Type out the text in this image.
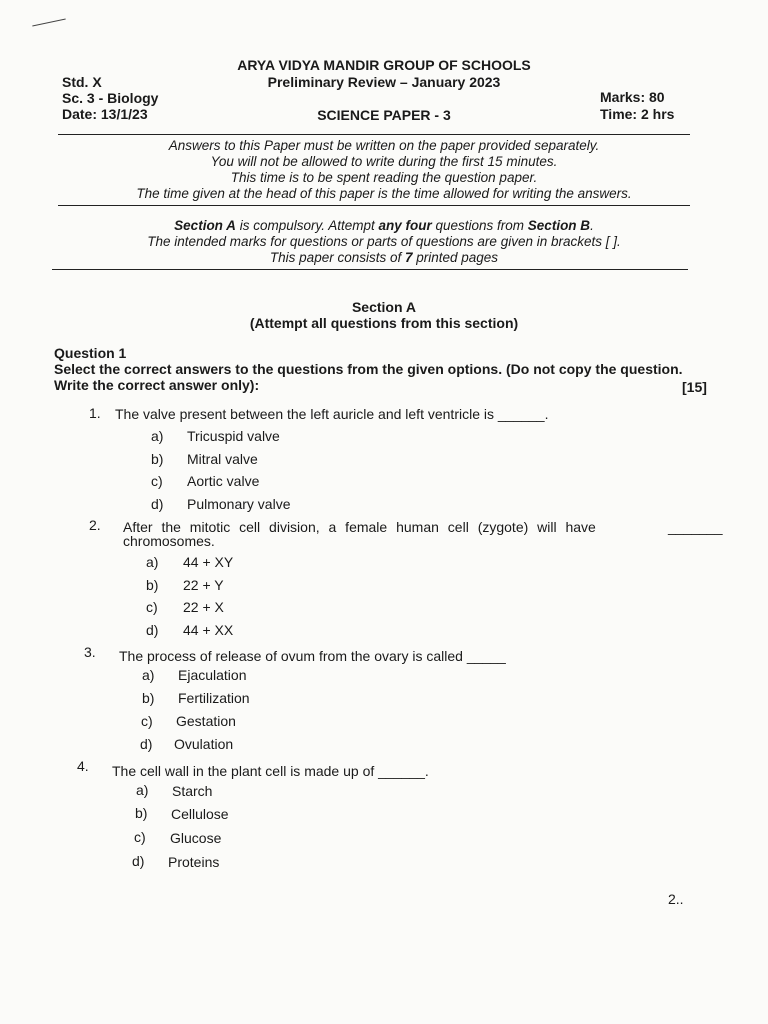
ARYA VIDYA MANDIR GROUP OF SCHOOLS
Preliminary Review – January 2023
Std. X
Sc. 3 - Biology
Date: 13/1/23	SCIENCE PAPER - 3
Marks: 80
Time: 2 hrs
Answers to this Paper must be written on the paper provided separately.
You will not be allowed to write during the first 15 minutes.
This time is to be spent reading the question paper.
The time given at the head of this paper is the time allowed for writing the answers.
Section A is compulsory. Attempt any four questions from Section B.
The intended marks for questions or parts of questions are given in brackets [ ].
This paper consists of 7 printed pages
Section A
(Attempt all questions from this section)
Question 1
Select the correct answers to the questions from the given options. (Do not copy the question.
Write the correct answer only):	[15]
1. The valve present between the left auricle and left ventricle is ______.
a) Tricuspid valve
b) Mitral valve
c) Aortic valve
d) Pulmonary valve
2. After the mitotic cell division, a female human cell (zygote) will have	_______
chromosomes.
a) 44 + XY
b) 22 + Y
c) 22 + X
d) 44 + XX
3. The process of release of ovum from the ovary is called _____
a) Ejaculation
b) Fertilization
c) Gestation
d) Ovulation
4. The cell wall in the plant cell is made up of ______.
a) Starch
b) Cellulose
c) Glucose
d) Proteins
2..
